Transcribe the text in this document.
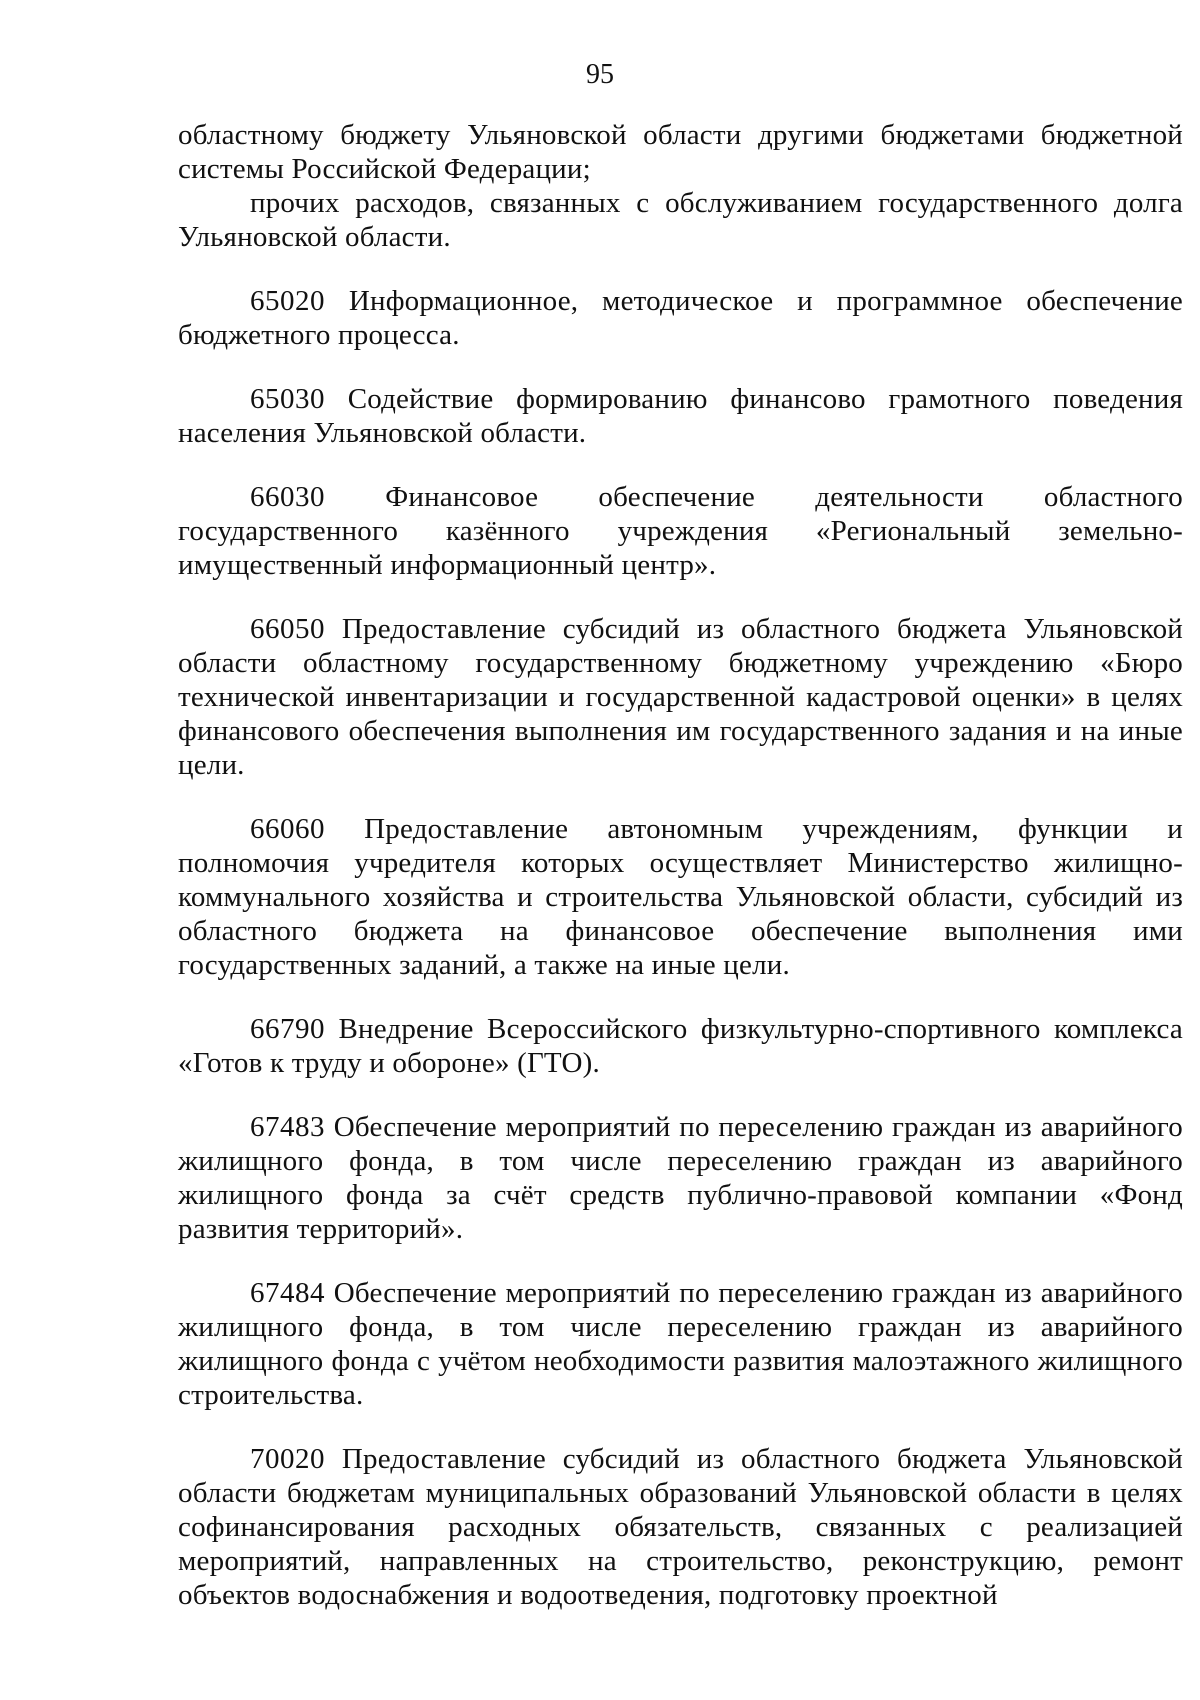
95

областному бюджету Ульяновской области другими бюджетами бюджетной системы Российской Федерации;

прочих расходов, связанных с обслуживанием государственного долга Ульяновской области.

65020 Информационное, методическое и программное обеспечение бюджетного процесса.

65030 Содействие формированию финансово грамотного поведения населения Ульяновской области.

66030 Финансовое обеспечение деятельности областного государственного казённого учреждения «Региональный земельно-имущественный информационный центр».

66050 Предоставление субсидий из областного бюджета Ульяновской области областному государственному бюджетному учреждению «Бюро технической инвентаризации и государственной кадастровой оценки» в целях финансового обеспечения выполнения им государственного задания и на иные цели.

66060 Предоставление автономным учреждениям, функции и полномочия учредителя которых осуществляет Министерство жилищно-коммунального хозяйства и строительства Ульяновской области, субсидий из областного бюджета на финансовое обеспечение выполнения ими государственных заданий, а также на иные цели.

66790 Внедрение Всероссийского физкультурно-спортивного комплекса «Готов к труду и обороне» (ГТО).

67483 Обеспечение мероприятий по переселению граждан из аварийного жилищного фонда, в том числе переселению граждан из аварийного жилищного фонда за счёт средств публично-правовой компании «Фонд развития территорий».

67484 Обеспечение мероприятий по переселению граждан из аварийного жилищного фонда, в том числе переселению граждан из аварийного жилищного фонда с учётом необходимости развития малоэтажного жилищного строительства.

70020 Предоставление субсидий из областного бюджета Ульяновской области бюджетам муниципальных образований Ульяновской области в целях софинансирования расходных обязательств, связанных с реализацией мероприятий, направленных на строительство, реконструкцию, ремонт объектов водоснабжения и водоотведения, подготовку проектной
